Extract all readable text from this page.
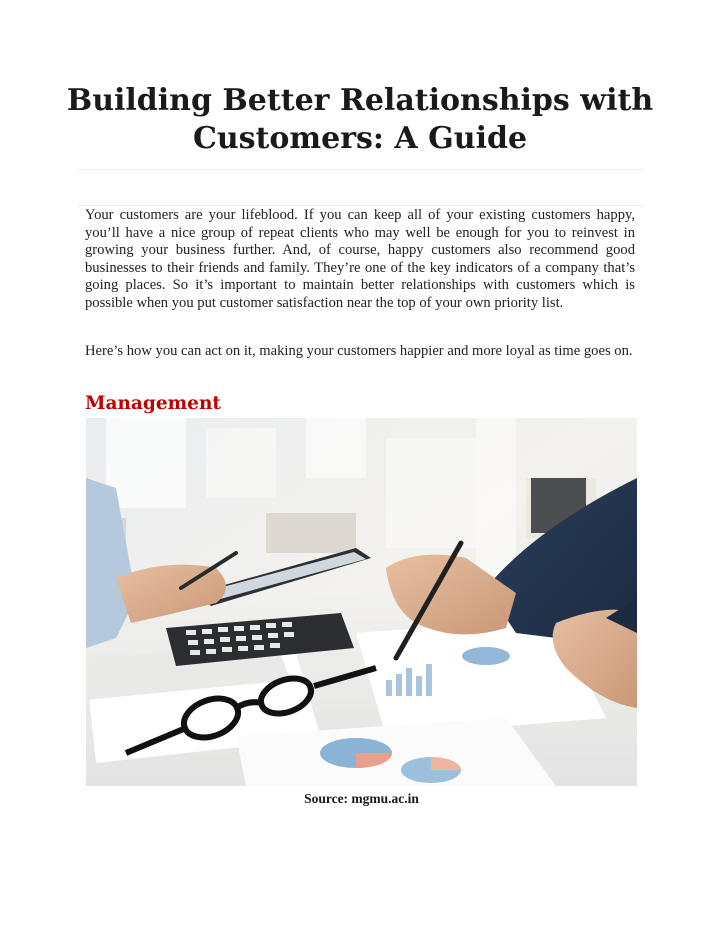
Building Better Relationships with Customers: A Guide

Your customers are your lifeblood. If you can keep all of your existing customers happy, you’ll have a nice group of repeat clients who may well be enough for you to reinvest in growing your business further. And, of course, happy customers also recommend good businesses to their friends and family. They’re one of the key indicators of a company that’s going places. So it’s important to maintain better relationships with customers which is possible when you put customer satisfaction near the top of your own priority list.

Here’s how you can act on it, making your customers happier and more loyal as time goes on.

Management

Source: mgmu.ac.in
